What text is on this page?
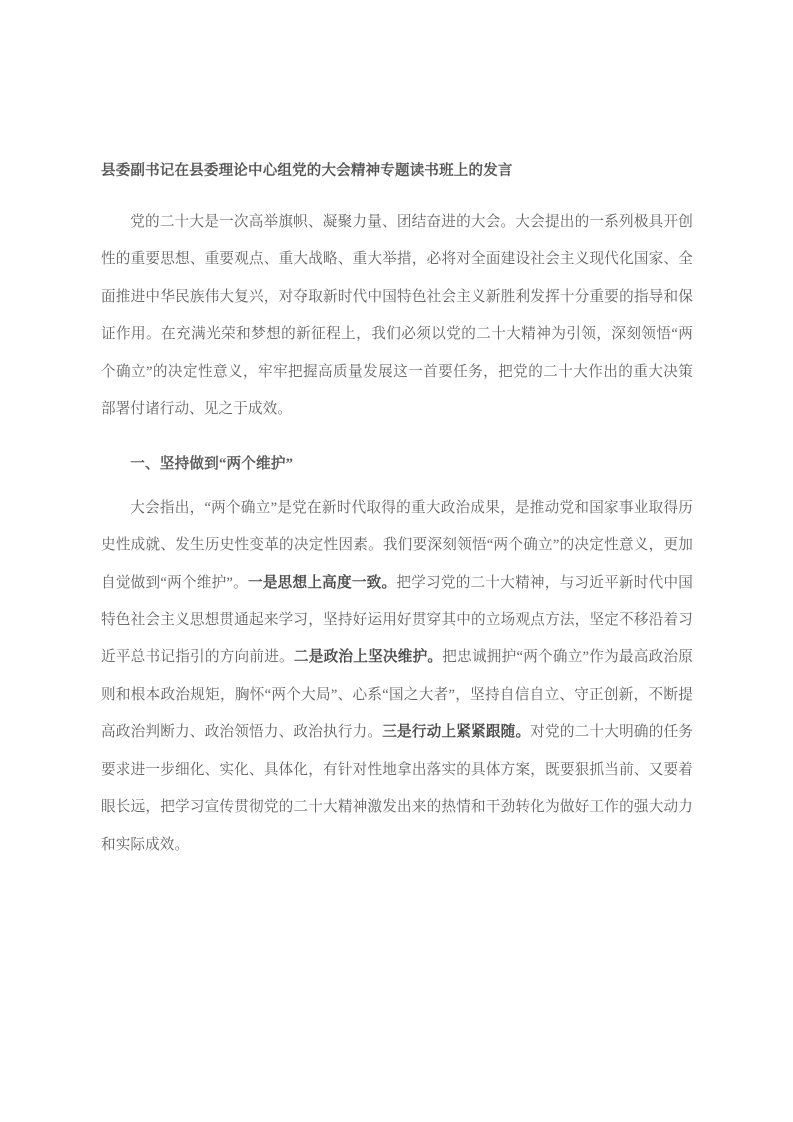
县委副书记在县委理论中心组党的大会精神专题读书班上的发言

党的二十大是一次高举旗帜、凝聚力量、团结奋进的大会。大会提出的一系列极具开创性的重要思想、重要观点、重大战略、重大举措，必将对全面建设社会主义现代化国家、全面推进中华民族伟大复兴，对夺取新时代中国特色社会主义新胜利发挥十分重要的指导和保证作用。在充满光荣和梦想的新征程上，我们必须以党的二十大精神为引领，深刻领悟“两个确立”的决定性意义，牢牢把握高质量发展这一首要任务，把党的二十大作出的重大决策部署付诸行动、见之于成效。

一、坚持做到“两个维护”

大会指出，“两个确立”是党在新时代取得的重大政治成果，是推动党和国家事业取得历史性成就、发生历史性变革的决定性因素。我们要深刻领悟“两个确立”的决定性意义，更加自觉做到“两个维护”。一是思想上高度一致。把学习党的二十大精神，与习近平新时代中国特色社会主义思想贯通起来学习，坚持好运用好贯穿其中的立场观点方法，坚定不移沿着习近平总书记指引的方向前进。二是政治上坚决维护。把忠诚拥护“两个确立”作为最高政治原则和根本政治规矩，胸怀“两个大局”、心系“国之大者”，坚持自信自立、守正创新，不断提高政治判断力、政治领悟力、政治执行力。三是行动上紧紧跟随。对党的二十大明确的任务要求进一步细化、实化、具体化，有针对性地拿出落实的具体方案，既要狠抓当前、又要着眼长远，把学习宣传贯彻党的二十大精神激发出来的热情和干劲转化为做好工作的强大动力和实际成效。
